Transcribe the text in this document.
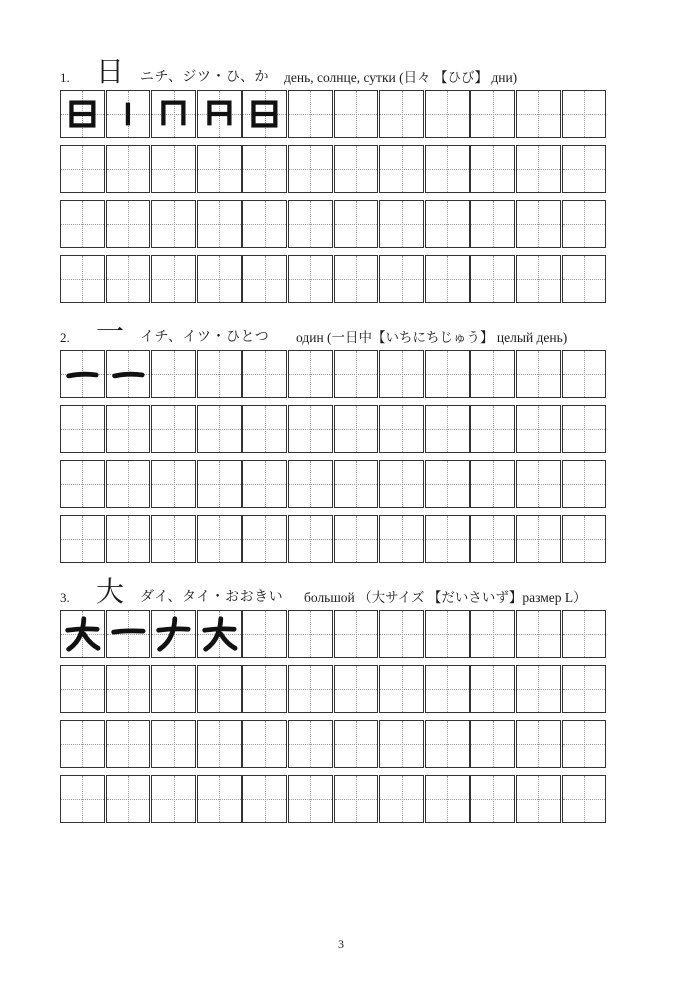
1. 日 ニチ、ジツ・ひ、か день, солнце, сутки (日々 【ひび】 дни)
2. 一 イチ、イツ・ひとつ один (一日中【いちにちじゅう】 целый день)
3. 大 ダイ、タイ・おおきい большой （大サイズ 【だいさいず】размер L）
3
